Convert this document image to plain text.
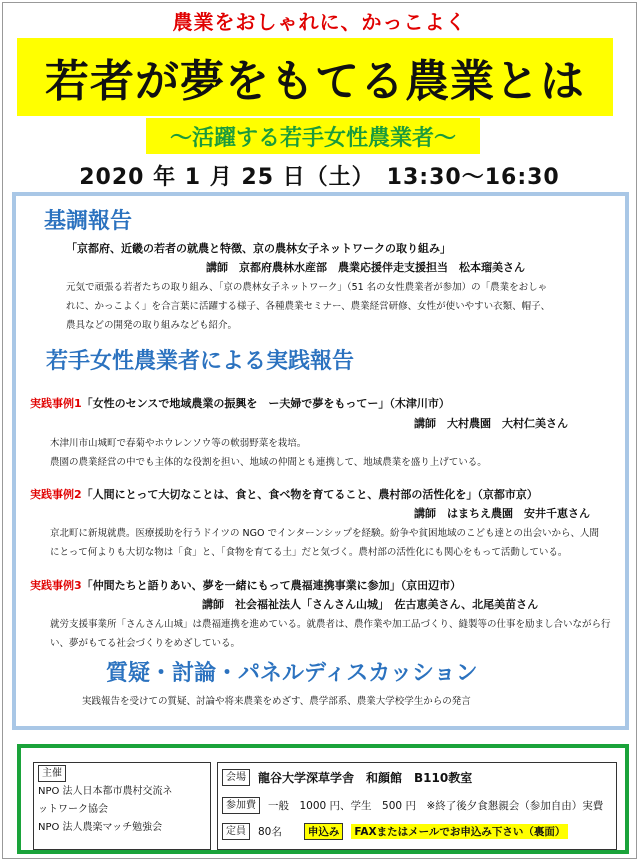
農業をおしゃれに、かっこよく
若者が夢をもてる農業とは
～活躍する若手女性農業者～
2020 年 1 月 25 日（土）　13:30～16:30
基調報告
「京都府、近畿の若者の就農と特徴、京の農林女子ネットワークの取り組み」
講師　京都府農林水産部　農業応援伴走支援担当　松本瑠美さん
元気で頑張る若者たちの取り組み、「京の農林女子ネットワーク」（51 名の女性農業者が参加）の「農業をおしゃ
れに、かっこよく」を合言葉に活躍する様子、各種農業セミナー、農業経営研修、女性が使いやすい衣類、帽子、
農具などの開発の取り組みなども紹介。
若手女性農業者による実践報告
実践事例1「女性のセンスで地域農業の振興を　ー夫婦で夢をもってー」（木津川市）
講師　大村農園　大村仁美さん
木津川市山城町で春菊やホウレンソウ等の軟弱野菜を栽培。
農園の農業経営の中でも主体的な役割を担い、地域の仲間とも連携して、地域農業を盛り上げている。
実践事例2「人間にとって大切なことは、食と、食べ物を育てること、農村部の活性化を」（京都市京）
講師　はまちえ農園　安井千恵さん
京北町に新規就農。医療援助を行うドイツの NGO でインターンシップを経験。紛争や貧困地域のこども達との出会いから、人間
にとって何よりも大切な物は「食」と、「食物を育てる土」だと気づく。農村部の活性化にも関心をもって活動している。
実践事例3「仲間たちと語りあい、夢を一緒にもって農福連携事業に参加」（京田辺市）
講師　社会福祉法人「さんさん山城」　佐古恵美さん、北尾美苗さん
就労支援事業所「さんさん山城」は農福連携を進めている。就農者は、農作業や加工品づくり、縫製等の仕事を励まし合いながら行
い、夢がもてる社会づくりをめざしている。
質疑・討論・パネルディスカッション
実践報告を受けての質疑、討論や将来農業をめざす、農学部系、農業大学校学生からの発言
主催
NPO 法人日本都市農村交流ネ
ットワーク協会
NPO 法人農楽マッチ勉強会
会場	龍谷大学深草学舎　和顔館　B110教室
参加費	一般　1000 円、学生　500 円　※終了後夕食懇親会（参加自由）実費
定員	80名	申込み	FAXまたはメールでお申込み下さい（裏面）
